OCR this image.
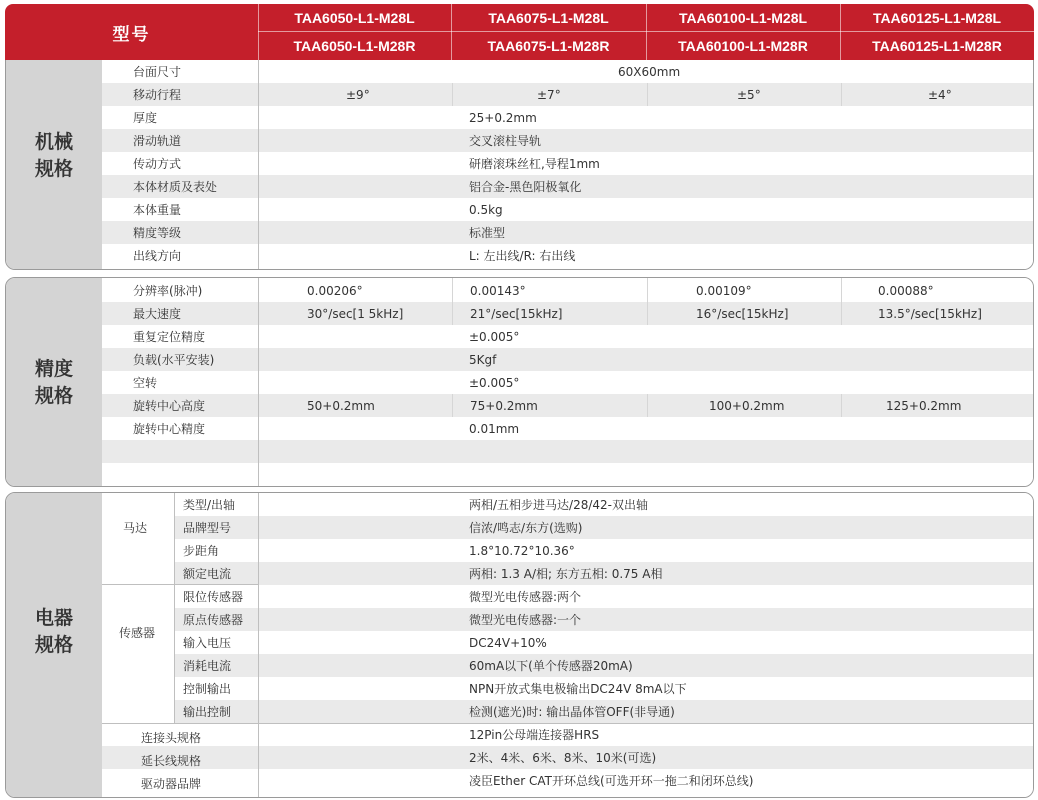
型号
TAA6050-L1-M28L	TAA6075-L1-M28L	TAA60100-L1-M28L	TAA60125-L1-M28L
TAA6050-L1-M28R	TAA6075-L1-M28R	TAA60100-L1-M28R	TAA60125-L1-M28R
机械
规格
台面尺寸	60X60mm
移动行程	±9°	±7°	±5°	±4°
厚度	25+0.2mm
滑动轨道	交叉滚柱导轨
传动方式	研磨滚珠丝杠,导程1mm
本体材质及表处	铝合金-黑色阳极氧化
本体重量	0.5kg
精度等级	标准型
出线方向	L: 左出线/R: 右出线
精度
规格
分辨率(脉冲)	0.00206°	0.00143°	0.00109°	0.00088°
最大速度	30°/sec[1 5kHz]	21°/sec[15kHz]	16°/sec[15kHz]	13.5°/sec[15kHz]
重复定位精度	±0.005°
负载(水平安装)	5Kgf
空转	±0.005°
旋转中心高度	50+0.2mm	75+0.2mm	100+0.2mm	125+0.2mm
旋转中心精度	0.01mm
电器
规格
马达
传感器
类型/出轴	两相/五相步进马达/28/42-双出轴
品牌型号	信浓/鸣志/东方(选购)
步距角	1.8°10.72°10.36°
额定电流	两相: 1.3 A/相; 东方五相: 0.75 A相
限位传感器	微型光电传感器:两个
原点传感器	微型光电传感器:一个
输入电压	DC24V+10%
消耗电流	60mA以下(单个传感器20mA)
控制输出	NPN开放式集电极输出DC24V 8mA以下
输出控制	检测(遮光)时: 输出晶体管OFF(非导通)
连接头规格	12Pin公母端连接器HRS
延长线规格	2米、4米、6米、8米、10米(可选)
驱动器品牌	凌臣Ether CAT开环总线(可选开环一拖二和闭环总线)
